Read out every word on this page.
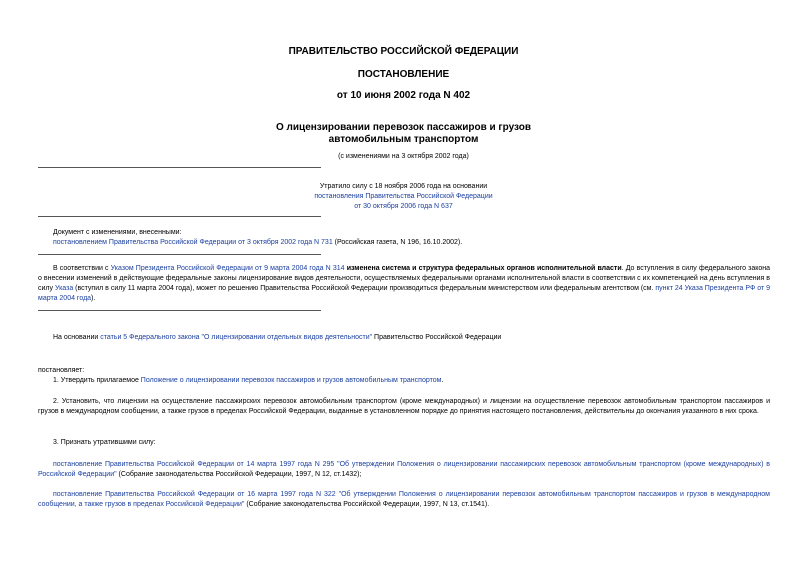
ПРАВИТЕЛЬСТВО РОССИЙСКОЙ ФЕДЕРАЦИИ
ПОСТАНОВЛЕНИЕ
от 10 июня 2002 года N 402
О лицензировании перевозок пассажиров и грузов
автомобильным транспортом
(с изменениями на 3 октября 2002 года)
Утратило силу с 18 ноября 2006 года на основании
постановления Правительства Российской Федерации
от 30 октября 2006 года N 637
Документ с изменениями, внесенными:
постановлением Правительства Российской Федерации от 3 октября 2002 года N 731 (Российская газета, N 196, 16.10.2002).
В соответствии с Указом Президента Российской Федерации от 9 марта 2004 года N 314 изменена система и структура федеральных органов исполнительной власти. До вступления в силу федерального закона о внесении изменений в действующие федеральные законы лицензирование видов деятельности, осуществляемых федеральными органами исполнительной власти в соответствии с их компетенцией на день вступления в силу Указа (вступил в силу 11 марта 2004 года), может по решению Правительства Российской Федерации производиться федеральным министерством или федеральным агентством (см. пункт 24 Указа Президента РФ от 9 марта 2004 года).
На основании статьи 5 Федерального закона "О лицензировании отдельных видов деятельности" Правительство Российской Федерации
постановляет:
1. Утвердить прилагаемое Положение о лицензировании перевозок пассажиров и грузов автомобильным транспортом.
2. Установить, что лицензии на осуществление пассажирских перевозок автомобильным транспортом (кроме международных) и лицензии на осуществление перевозок автомобильным транспортом пассажиров и грузов в международном сообщении, а также грузов в пределах Российской Федерации, выданные в установленном порядке до принятия настоящего постановления, действительны до окончания указанного в них срока.
3. Признать утратившими силу:
постановление Правительства Российской Федерации от 14 марта 1997 года N 295 "Об утверждении Положения о лицензировании пассажирских перевозок автомобильным транспортом (кроме международных) в Российской Федерации" (Собрание законодательства Российской Федерации, 1997, N 12, ст.1432);
постановление Правительства Российской Федерации от 16 марта 1997 года N 322 "Об утверждении Положения о лицензировании перевозок автомобильным транспортом пассажиров и грузов в международном сообщении, а также грузов в пределах Российской Федерации" (Собрание законодательства Российской Федерации, 1997, N 13, ст.1541).
